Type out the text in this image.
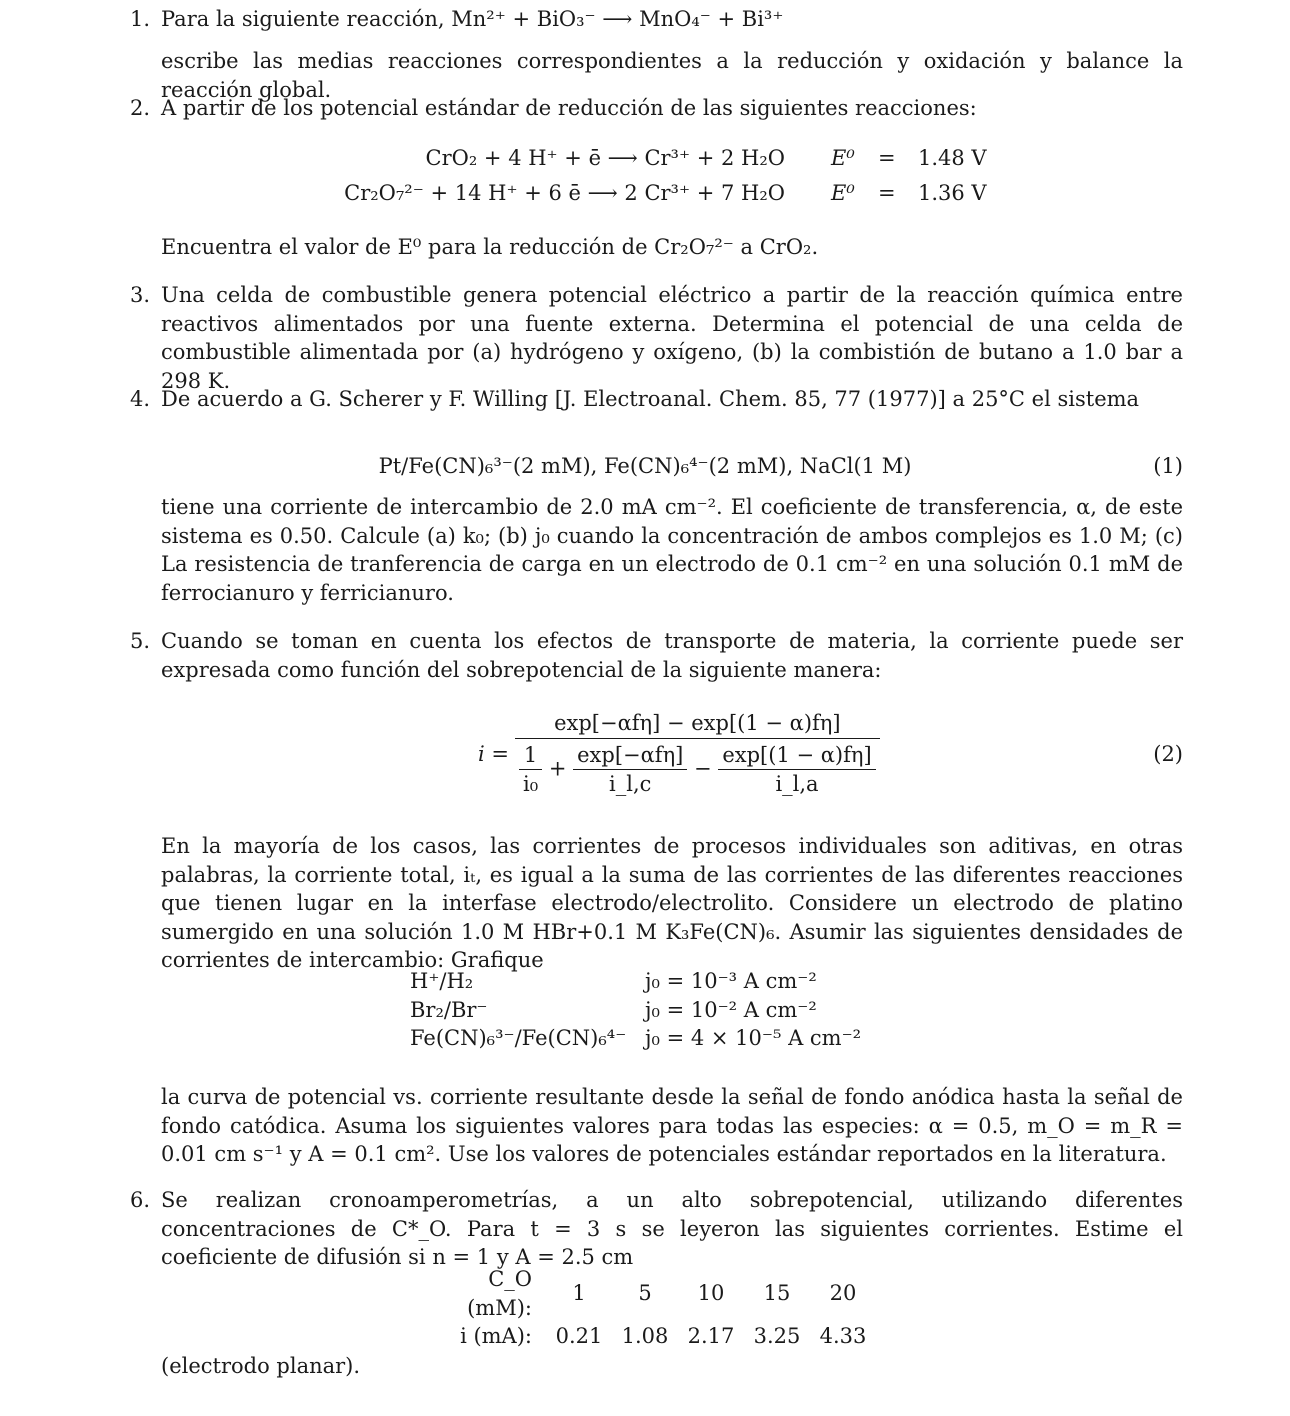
1. Para la siguiente reacción, Mn²⁺ + BiO₃⁻ ⟶ MnO₄⁻ + Bi³⁺
escribe las medias reacciones correspondientes a la reducción y oxidación y balance la reacción global.
2. A partir de los potencial estándar de reducción de las siguientes reacciones:
CrO₂ + 4 H⁺ + ē ⟶ Cr³⁺ + 2 H₂O E⁰ = 1.48 V
Cr₂O₇²⁻ + 14 H⁺ + 6 ē ⟶ 2 Cr³⁺ + 7 H₂O E⁰ = 1.36 V
Encuentra el valor de E⁰ para la reducción de Cr₂O₇²⁻ a CrO₂.
3. Una celda de combustible genera potencial eléctrico a partir de la reacción química entre reactivos alimentados por una fuente externa. Determina el potencial de una celda de combustible alimentada por (a) hydrógeno y oxígeno, (b) la combistión de butano a 1.0 bar a 298 K.
4. De acuerdo a G. Scherer y F. Willing [J. Electroanal. Chem. 85, 77 (1977)] a 25°C el sistema
Pt/Fe(CN)₆³⁻(2 mM), Fe(CN)₆⁴⁻(2 mM), NaCl(1 M)	(1)
tiene una corriente de intercambio de 2.0 mA cm⁻². El coeficiente de transferencia, α, de este sistema es 0.50. Calcule (a) k₀; (b) j₀ cuando la concentración de ambos complejos es 1.0 M; (c) La resistencia de tranferencia de carga en un electrodo de 0.1 cm⁻² en una solución 0.1 mM de ferrocianuro y ferricianuro.
5. Cuando se toman en cuenta los efectos de transporte de materia, la corriente puede ser expresada como función del sobrepotencial de la siguiente manera:
i =
exp[−αfη] − exp[(1 − α)fη]
$\frac{1}{\text{i₀}} + \frac{\text{exp[−αfη]}}{i\_l,c} - \frac{\exp[(1 - \alpha)f\eta]}{i\_l,a}$	(2)
En la mayoría de los casos, las corrientes de procesos individuales son aditivas, en otras palabras, la corriente total, iₜ, es igual a la suma de las corrientes de las diferentes reacciones que tienen lugar en la interfase electrodo/electrolito. Considere un electrodo de platino sumergido en una solución 1.0 M HBr+0.1 M K₃Fe(CN)₆. Asumir las siguientes densidades de corrientes de intercambio: Grafique
H⁺/H₂	j₀ = 10⁻³ A cm⁻²
Br₂/Br⁻	j₀ = 10⁻² A cm⁻²
Fe(CN)₆³⁻/Fe(CN)₆⁴⁻	j₀ = 4 × 10⁻⁵ A cm⁻²
la curva de potencial vs. corriente resultante desde la señal de fondo anódica hasta la señal de fondo catódica. Asuma los siguientes valores para todas las especies: α = 0.5, m_O = m_R = 0.01 cm s⁻¹ y A = 0.1 cm². Use los valores de potenciales estándar reportados en la literatura.
6. Se realizan cronoamperometrías, a un alto sobrepotencial, utilizando diferentes concentraciones de C*_O. Para t = 3 s se leyeron las siguientes corrientes. Estime el coeficiente de difusión si n = 1 y A = 2.5 cm
C_O (mM):	1	5	10	15	20
i (mA):	0.21	1.08	2.17	3.25	4.33
(electrodo planar).
